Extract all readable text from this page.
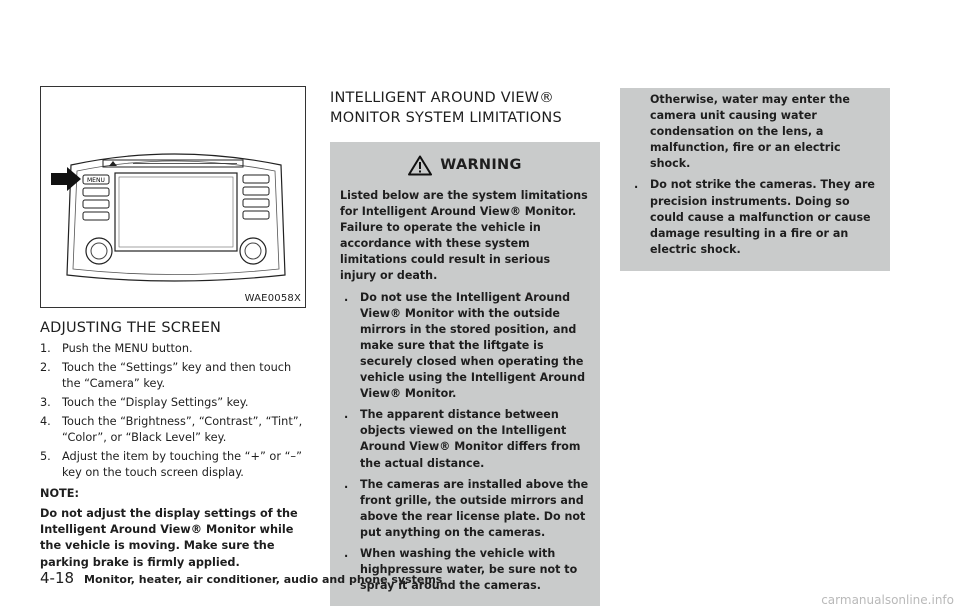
MENU
WAE0058X
ADJUSTING THE SCREEN
1. Push the MENU button.
2. Touch the “Settings” key and then touch the “Camera” key.
3. Touch the “Display Settings” key.
4. Touch the “Brightness”, “Contrast”, “Tint”, “Color”, or “Black Level” key.
5. Adjust the item by touching the “+” or “–” key on the touch screen display.
NOTE:
Do not adjust the display settings of the Intelligent Around View® Monitor while the vehicle is moving. Make sure the parking brake is firmly applied.
INTELLIGENT AROUND VIEW®
MONITOR SYSTEM LIMITATIONS
WARNING

Listed below are the system limitations for Intelligent Around View® Monitor. Failure to operate the vehicle in accordance with these system limitations could result in serious injury or death.

. Do not use the Intelligent Around View® Monitor with the outside mirrors in the stored position, and make sure that the liftgate is securely closed when operating the vehicle using the Intelligent Around View® Monitor.
. The apparent distance between objects viewed on the Intelligent Around View® Monitor differs from the actual distance.
. The cameras are installed above the front grille, the outside mirrors and above the rear license plate. Do not put anything on the cameras.
. When washing the vehicle with highpressure water, be sure not to spray it around the cameras.

Otherwise, water may enter the camera unit causing water condensation on the lens, a malfunction, fire or an electric shock.

. Do not strike the cameras. They are precision instruments. Doing so could cause a malfunction or cause damage resulting in a fire or an electric shock.
4-18 Monitor, heater, air conditioner, audio and phone systems
carmanualsonline.info
